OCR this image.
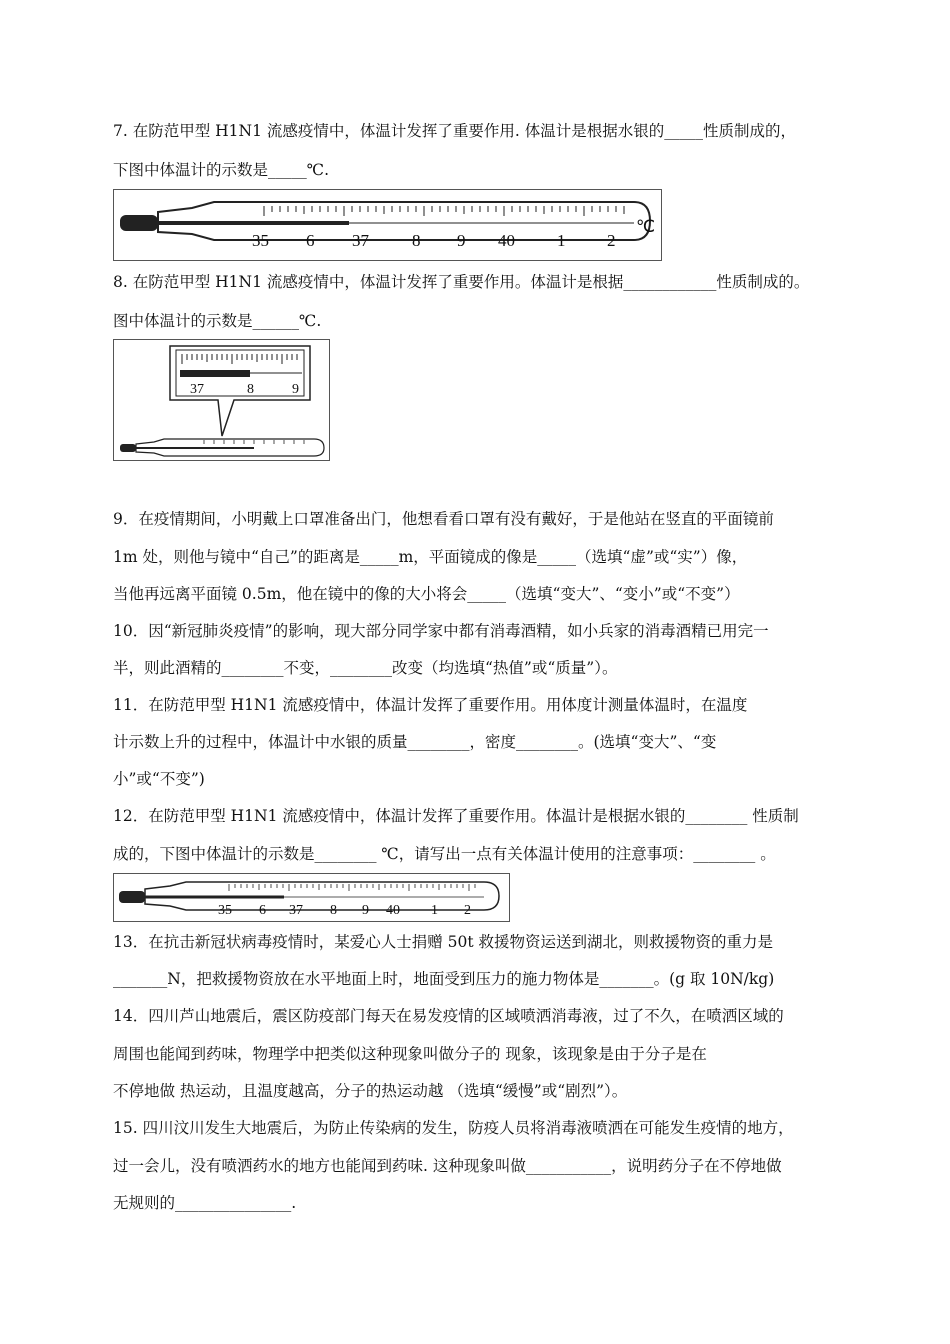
7. 在防范甲型 H1N1 流感疫情中，体温计发挥了重要作用. 体温计是根据水银的_____性质制成的，
下图中体温计的示数是_____℃.
35 6 37	8 9 40 1 2
℃
8. 在防范甲型 H1N1 流感疫情中，体温计发挥了重要作用。体温计是根据____________性质制成的。
图中体温计的示数是______℃.
37	8	9
9．在疫情期间，小明戴上口罩准备出门，他想看看口罩有没有戴好，于是他站在竖直的平面镜前
1m 处，则他与镜中“自己”的距离是_____m，平面镜成的像是_____（选填“虚”或“实”）像，
当他再远离平面镜 0.5m，他在镜中的像的大小将会_____（选填“变大”、“变小”或“不变”）
10．因“新冠肺炎疫情”的影响，现大部分同学家中都有消毒酒精，如小兵家的消毒酒精已用完一
半，则此酒精的________不变，________改变（均选填“热值”或“质量”）。
11．在防范甲型 H1N1 流感疫情中，体温计发挥了重要作用。用体度计测量体温时，在温度
计示数上升的过程中，体温计中水银的质量________，密度________。(选填“变大”、“变
小”或“不变”)
12．在防范甲型 H1N1 流感疫情中，体温计发挥了重要作用。体温计是根据水银的________ 性质制
成的，下图中体温计的示数是________ ℃，请写出一点有关体温计使用的注意事项：________ 。
35 6 37 8 9 40 1 2
13．在抗击新冠状病毒疫情时，某爱心人士捐赠 50t 救援物资运送到湖北，则救援物资的重力是
_______N，把救援物资放在水平地面上时，地面受到压力的施力物体是_______。(g 取 10N/kg)
14．四川芦山地震后，震区防疫部门每天在易发疫情的区域喷洒消毒液，过了不久，在喷洒区域的
周围也能闻到药味，物理学中把类似这种现象叫做分子的 现象，该现象是由于分子是在
不停地做 热运动，且温度越高，分子的热运动越 （选填“缓慢”或“剧烈”）。
15. 四川汶川发生大地震后，为防止传染病的发生，防疫人员将消毒液喷洒在可能发生疫情的地方，
过一会儿，没有喷洒药水的地方也能闻到药味. 这种现象叫做___________，说明药分子在不停地做
无规则的_______________.
